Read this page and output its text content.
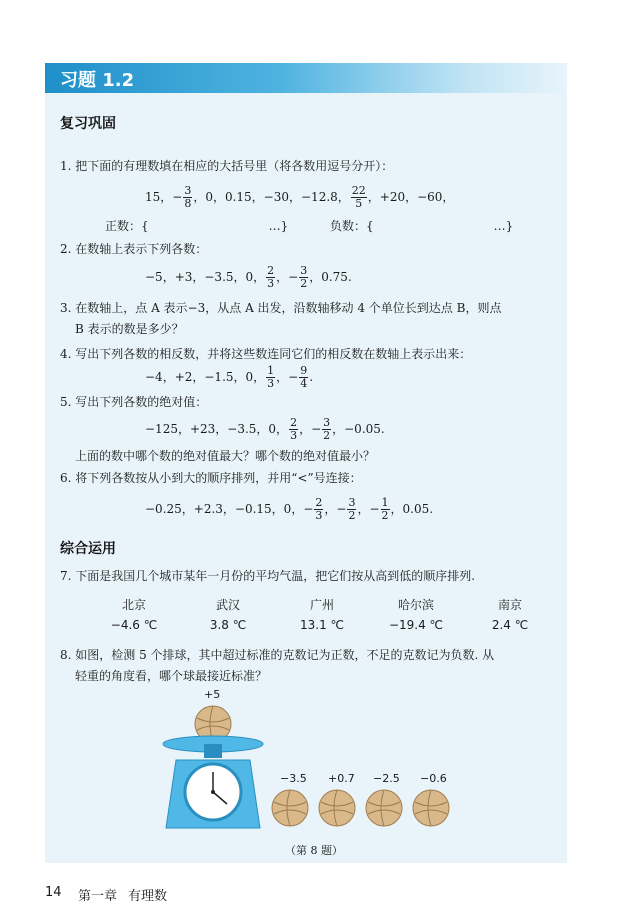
习题 1.2
复习巩固
1. 把下面的有理数填在相应的大括号里（将各数用逗号分开）：
15，− $\frac{3}{8}$ ，0，0.15，−30，−12.8， $\frac{22}{5}$ ，+20，−60，
正数：{	…}	负数：{	…}
2. 在数轴上表示下列各数：
−5，+3，−3.5，0， $\frac{2}{3}$ ，− $\frac{3}{2}$ ，0.75.
3. 在数轴上，点 A 表示−3，从点 A 出发，沿数轴移动 4 个单位长到达点 B，则点
B 表示的数是多少？
4. 写出下列各数的相反数，并将这些数连同它们的相反数在数轴上表示出来：
−4，+2，−1.5，0， $\frac{1}{3}$ ，− $\frac{9}{4}$ .
5. 写出下列各数的绝对值：
−125，+23，−3.5，0， $\frac{2}{3}$ ，− $\frac{3}{2}$ ，−0.05.
上面的数中哪个数的绝对值最大？哪个数的绝对值最小？
6. 将下列各数按从小到大的顺序排列，并用“<”号连接：
−0.25，+2.3，−0.15，0，− $\frac{2}{3}$ ，− $\frac{3}{2}$ ，− $\frac{1}{2}$ ，0.05.
综合运用
7. 下面是我国几个城市某年一月份的平均气温，把它们按从高到低的顺序排列.
北京	武汉	广州	哈尔滨	南京
−4.6 ℃	3.8 ℃	13.1 ℃	−19.4 ℃	2.4 ℃
8. 如图，检测 5 个排球，其中超过标准的克数记为正数，不足的克数记为负数. 从
轻重的角度看，哪个球最接近标准？
+5
−3.5 +0.7 −2.5 −0.6
（第 8 题）
14 第一章 有理数
